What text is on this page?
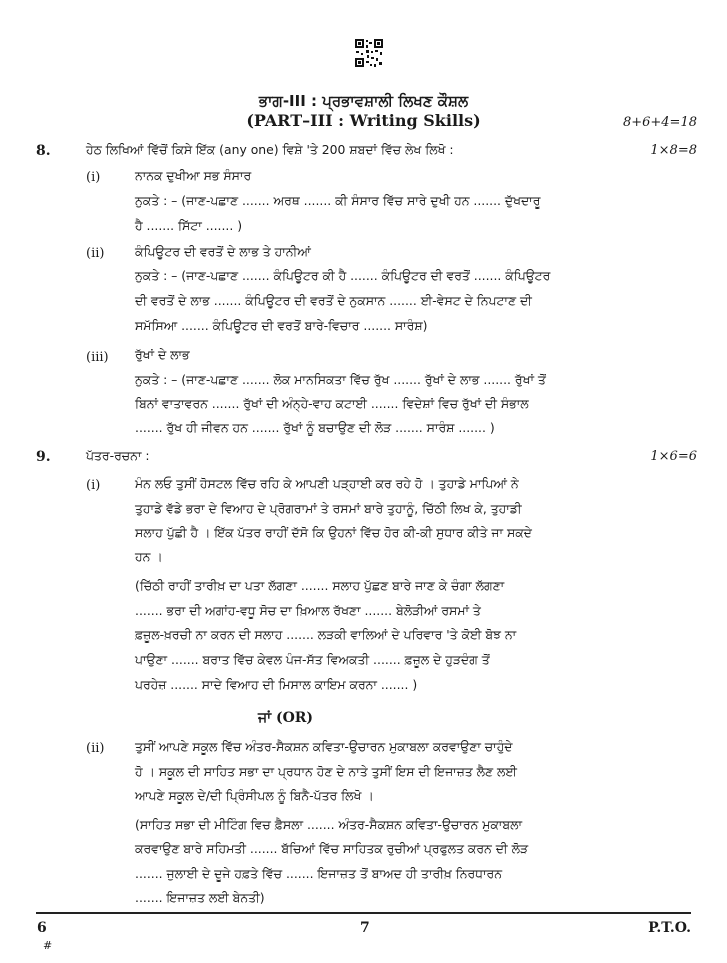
ਭਾਗ-III : ਪ੍ਰਭਾਵਸ਼ਾਲੀ ਲਿਖਣ ਕੌਸ਼ਲ
(PART–III : Writing Skills)	8+6+4=18
8.	ਹੇਠ ਲਿਖਿਆਂ ਵਿੱਚੋਂ ਕਿਸੇ ਇੱਕ (any one) ਵਿਸ਼ੇ 'ਤੇ 200 ਸ਼ਬਦਾਂ ਵਿੱਚ ਲੇਖ ਲਿਖੋ :	1×8=8
(i)	ਨਾਨਕ ਦੁਖੀਆ ਸਭ ਸੰਸਾਰ
ਨੁਕਤੇ : – (ਜਾਣ-ਪਛਾਣ ....... ਅਰਥ ....... ਕੀ ਸੰਸਾਰ ਵਿੱਚ ਸਾਰੇ ਦੁਖੀ ਹਨ ....... ਦੁੱਖਦਾਰੂ
ਹੈ ....... ਸਿੱਟਾ ....... )
(ii) ਕੰਪਿਊਟਰ ਦੀ ਵਰਤੋਂ ਦੇ ਲਾਭ ਤੇ ਹਾਨੀਆਂ
ਨੁਕਤੇ : – (ਜਾਣ-ਪਛਾਣ ....... ਕੰਪਿਊਟਰ ਕੀ ਹੈ ....... ਕੰਪਿਊਟਰ ਦੀ ਵਰਤੋਂ ....... ਕੰਪਿਊਟਰ
ਦੀ ਵਰਤੋਂ ਦੇ ਲਾਭ ....... ਕੰਪਿਊਟਰ ਦੀ ਵਰਤੋਂ ਦੇ ਨੁਕਸਾਨ ....... ਈ-ਵੇਸਟ ਦੇ ਨਿਪਟਾਣ ਦੀ
ਸਮੱਸਿਆ ....... ਕੰਪਿਊਟਰ ਦੀ ਵਰਤੋਂ ਬਾਰੇ-ਵਿਚਾਰ ....... ਸਾਰੰਸ਼)
(iii) ਰੁੱਖਾਂ ਦੇ ਲਾਭ
ਨੁਕਤੇ : – (ਜਾਣ-ਪਛਾਣ ....... ਲੋਕ ਮਾਨਸਿਕਤਾ ਵਿੱਚ ਰੁੱਖ ....... ਰੁੱਖਾਂ ਦੇ ਲਾਭ ....... ਰੁੱਖਾਂ ਤੋਂ
ਬਿਨਾਂ ਵਾਤਾਵਰਨ ....... ਰੁੱਖਾਂ ਦੀ ਅੰਨ੍ਹੇ-ਵਾਹ ਕਟਾਈ ....... ਵਿਦੇਸ਼ਾਂ ਵਿਚ ਰੁੱਖਾਂ ਦੀ ਸੰਭਾਲ
....... ਰੁੱਖ ਹੀ ਜੀਵਨ ਹਨ ....... ਰੁੱਖਾਂ ਨੂੰ ਬਚਾਉਣ ਦੀ ਲੋੜ ....... ਸਾਰੰਸ਼ ....... )
9.	ਪੱਤਰ-ਰਚਨਾ :	1×6=6
(i)	ਮੰਨ ਲਓ ਤੁਸੀਂ ਹੋਸਟਲ ਵਿੱਚ ਰਹਿ ਕੇ ਆਪਣੀ ਪੜ੍ਹਾਈ ਕਰ ਰਹੇ ਹੋ । ਤੁਹਾਡੇ ਮਾਪਿਆਂ ਨੇ
ਤੁਹਾਡੇ ਵੱਡੇ ਭਰਾ ਦੇ ਵਿਆਹ ਦੇ ਪ੍ਰੋਗਰਾਮਾਂ ਤੇ ਰਸਮਾਂ ਬਾਰੇ ਤੁਹਾਨੂੰ, ਚਿੱਠੀ ਲਿਖ ਕੇ, ਤੁਹਾਡੀ
ਸਲਾਹ ਪੁੱਛੀ ਹੈ । ਇੱਕ ਪੱਤਰ ਰਾਹੀਂ ਦੱਸੋ ਕਿ ਉਹਨਾਂ ਵਿੱਚ ਹੋਰ ਕੀ-ਕੀ ਸੁਧਾਰ ਕੀਤੇ ਜਾ ਸਕਦੇ
ਹਨ ।
(ਚਿੱਠੀ ਰਾਹੀਂ ਤਾਰੀਖ਼ ਦਾ ਪਤਾ ਲੱਗਣਾ ....... ਸਲਾਹ ਪੁੱਛਣ ਬਾਰੇ ਜਾਣ ਕੇ ਚੰਗਾ ਲੱਗਣਾ
....... ਭਰਾ ਦੀ ਅਗਾਂਹ-ਵਧੂ ਸੋਚ ਦਾ ਖ਼ਿਆਲ ਰੱਖਣਾ ....... ਬੇਲੋੜੀਆਂ ਰਸਮਾਂ ਤੇ
ਫ਼ਜ਼ੂਲ-ਖ਼ਰਚੀ ਨਾ ਕਰਨ ਦੀ ਸਲਾਹ ....... ਲੜਕੀ ਵਾਲਿਆਂ ਦੇ ਪਰਿਵਾਰ 'ਤੇ ਕੋਈ ਬੋਝ ਨਾ
ਪਾਉਣਾ ....... ਬਰਾਤ ਵਿੱਚ ਕੇਵਲ ਪੰਜ-ਸੱਤ ਵਿਅਕਤੀ ....... ਫ਼ਜ਼ੂਲ ਦੇ ਹੁੜਦੰਗ ਤੋਂ
ਪਰਹੇਜ਼ ....... ਸਾਦੇ ਵਿਆਹ ਦੀ ਮਿਸਾਲ ਕਾਇਮ ਕਰਨਾ ....... )
ਜਾਂ (OR)
(ii) ਤੁਸੀਂ ਆਪਣੇ ਸਕੂਲ ਵਿੱਚ ਅੰਤਰ-ਸੈਕਸ਼ਨ ਕਵਿਤਾ-ਉਚਾਰਨ ਮੁਕਾਬਲਾ ਕਰਵਾਉਣਾ ਚਾਹੁੰਦੇ
ਹੋ । ਸਕੂਲ ਦੀ ਸਾਹਿਤ ਸਭਾ ਦਾ ਪ੍ਰਧਾਨ ਹੋਣ ਦੇ ਨਾਤੇ ਤੁਸੀਂ ਇਸ ਦੀ ਇਜਾਜ਼ਤ ਲੈਣ ਲਈ
ਆਪਣੇ ਸਕੂਲ ਦੇ/ਦੀ ਪ੍ਰਿੰਸੀਪਲ ਨੂੰ ਬਿਨੈ-ਪੱਤਰ ਲਿਖੋ ।
(ਸਾਹਿਤ ਸਭਾ ਦੀ ਮੀਟਿੰਗ ਵਿਚ ਫ਼ੈਸਲਾ ....... ਅੰਤਰ-ਸੈਕਸ਼ਨ ਕਵਿਤਾ-ਉਚਾਰਨ ਮੁਕਾਬਲਾ
ਕਰਵਾਉਣ ਬਾਰੇ ਸਹਿਮਤੀ ....... ਬੱਚਿਆਂ ਵਿੱਚ ਸਾਹਿਤਕ ਰੁਚੀਆਂ ਪ੍ਰਫੁਲਤ ਕਰਨ ਦੀ ਲੋੜ
....... ਜੁਲਾਈ ਦੇ ਦੂਜੇ ਹਫ਼ਤੇ ਵਿੱਚ ....... ਇਜਾਜ਼ਤ ਤੋਂ ਬਾਅਦ ਹੀ ਤਾਰੀਖ਼ ਨਿਰਧਾਰਨ
....... ਇਜਾਜ਼ਤ ਲਈ ਬੇਨਤੀ)
6	7	P.T.O.
#
